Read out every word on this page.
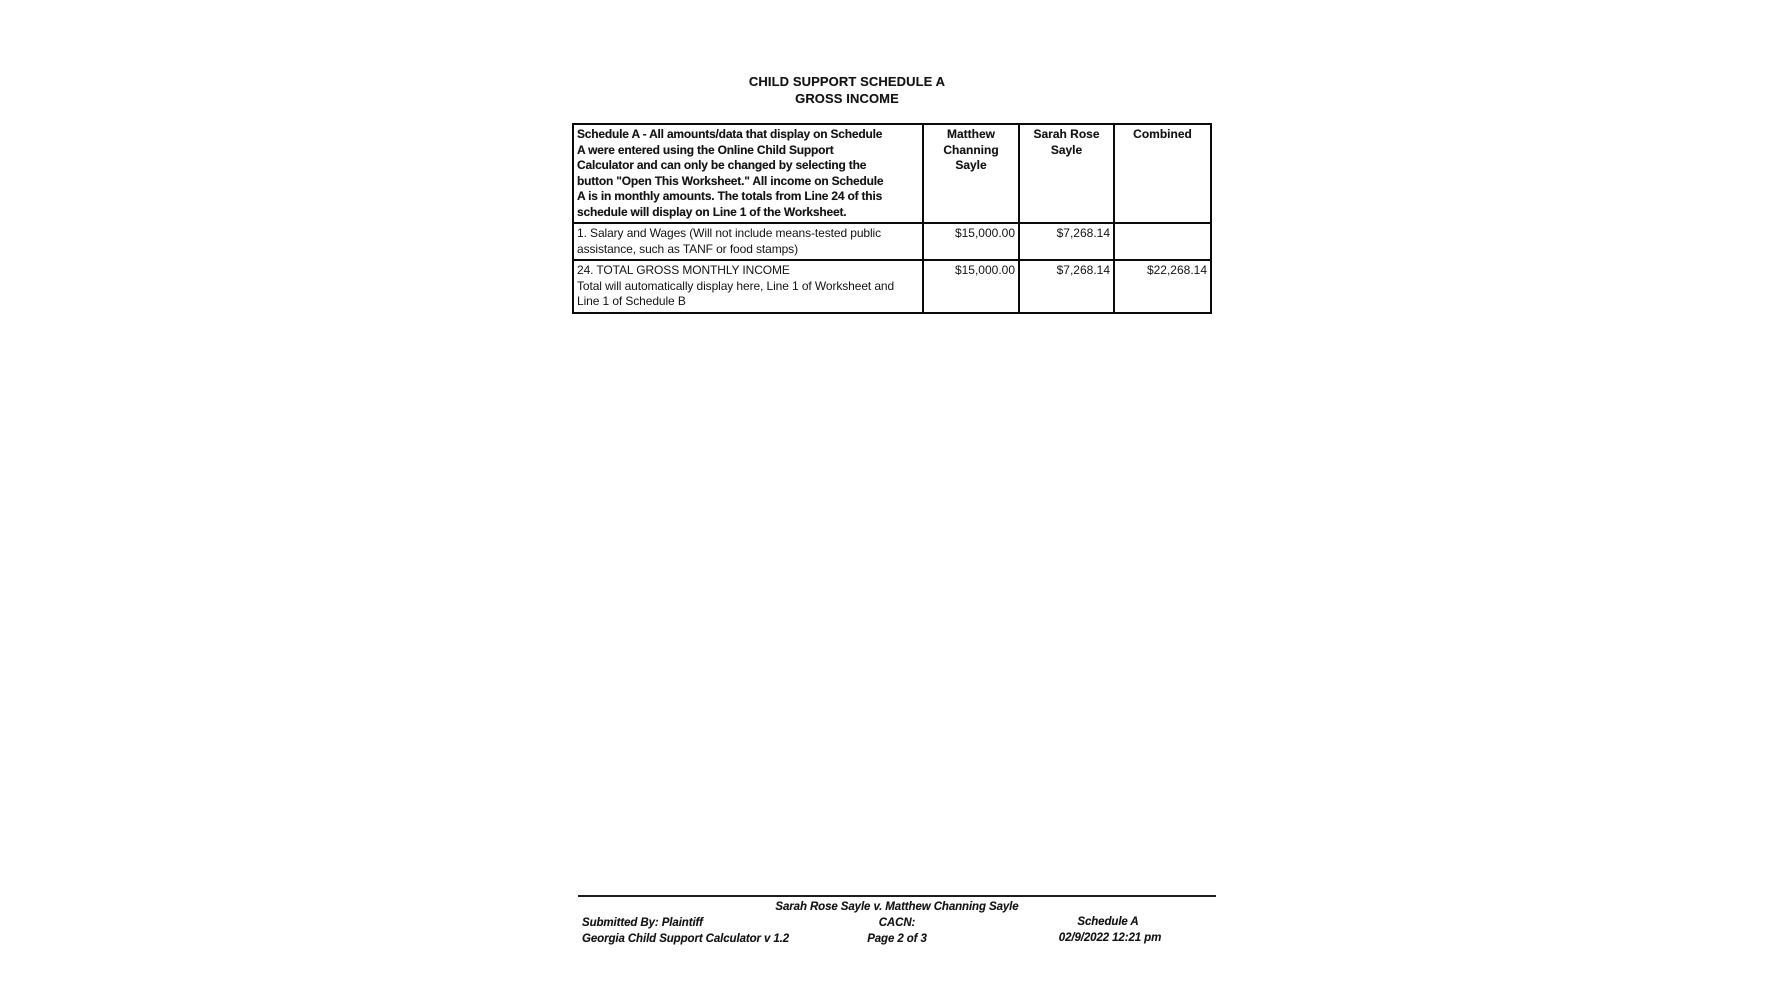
CHILD SUPPORT SCHEDULE A
GROSS INCOME
Schedule A - All amounts/data that display on Schedule
A were entered using the Online Child Support
Calculator and can only be changed by selecting the
button "Open This Worksheet." All income on Schedule
A is in monthly amounts. The totals from Line 24 of this
schedule will display on Line 1 of the Worksheet.
	Matthew Channing Sayle	Sarah Rose Sayle	Combined

1. Salary and Wages (Will not include means-tested public
assistance, such as TANF or food stamps)	$15,000.00	$7,268.14	

24. TOTAL GROSS MONTHLY INCOME
Total will automatically display here, Line 1 of Worksheet and
Line 1 of Schedule B	$15,000.00	$7,268.14	$22,268.14
Sarah Rose Sayle v. Matthew Channing Sayle
Submitted By: Plaintiff	CACN:	Schedule A
Georgia Child Support Calculator v 1.2	Page 2 of 3	02/9/2022 12:21 pm
